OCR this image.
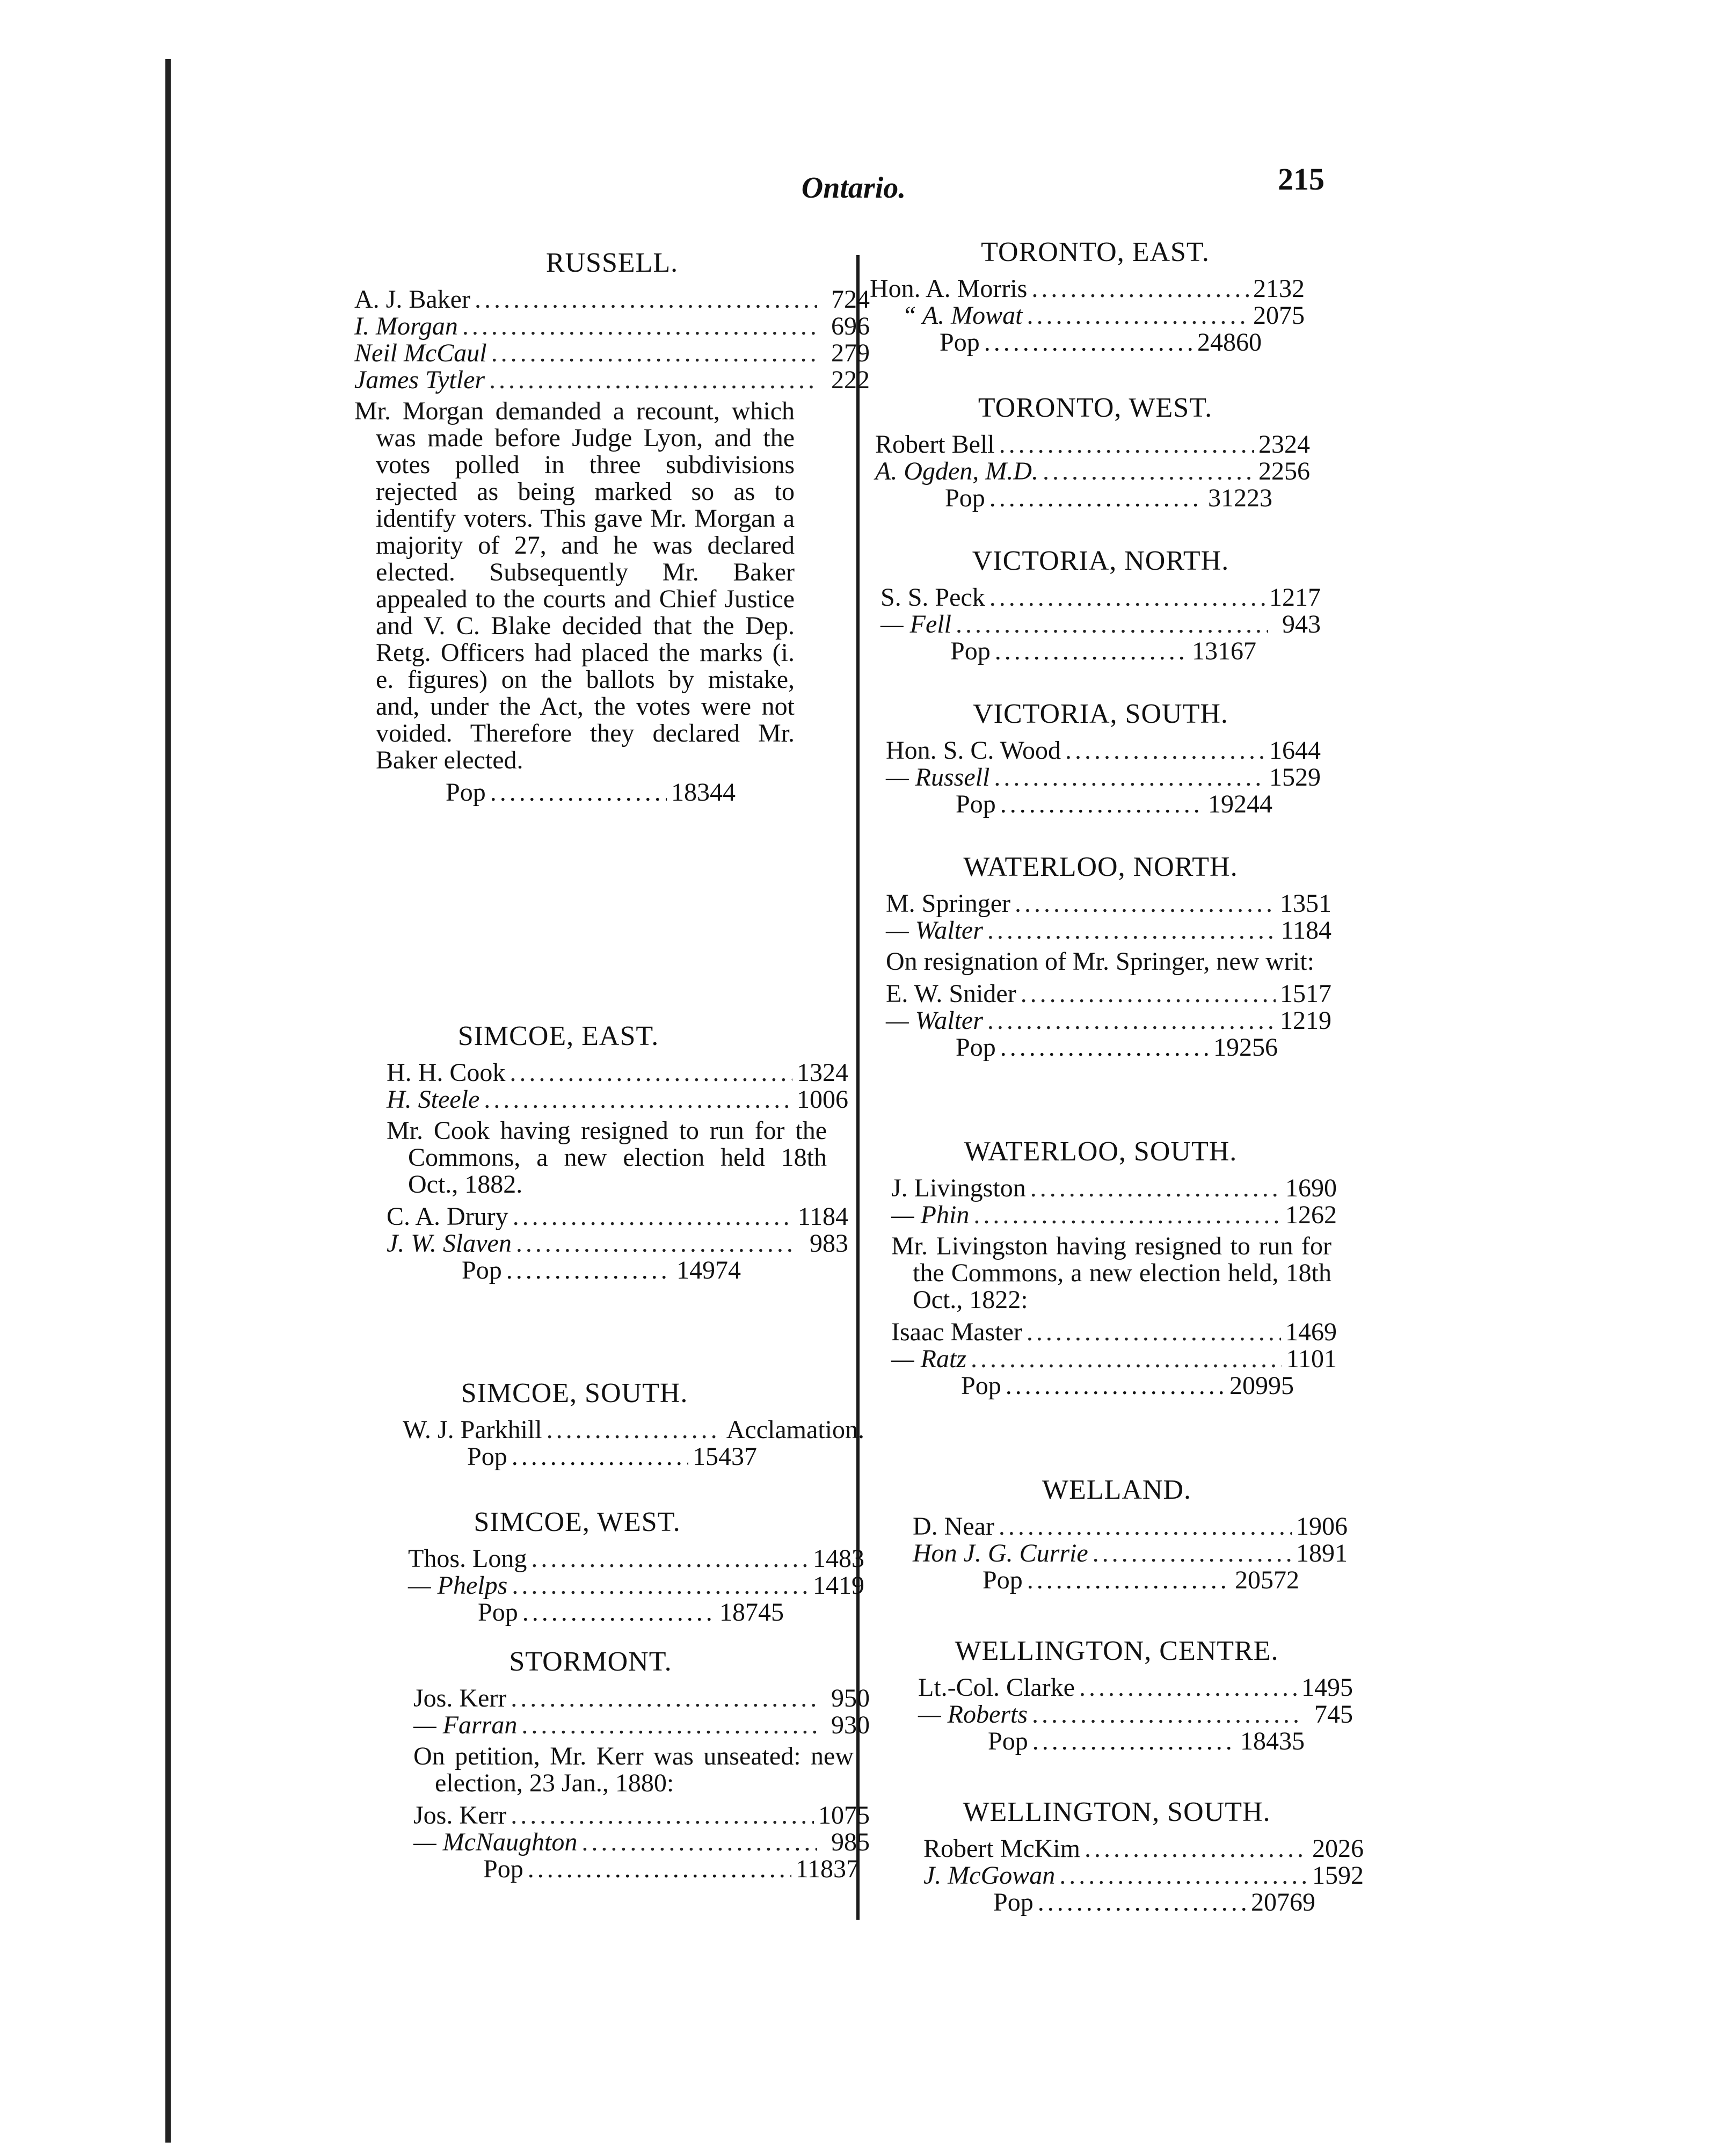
Ontario.	215
RUSSELL.
A. J. Baker .....	724
I. Morgan .....	696
Neil McCaul .....	279
James Tytler .....	222
Mr. Morgan demanded a recount, which was made before Judge Lyon, and the votes polled in three subdivisions rejected as being marked so as to identify voters. This gave Mr. Morgan a majority of 27, and he was declared elected. Subsequently Mr. Baker appealed to the courts and Chief Justice and V. C. Blake decided that the Dep. Retg. Officers had placed the marks (i. e. figures) on the ballots by mistake, and, under the Act, the votes were not voided. Therefore they declared Mr. Baker elected.
Pop .....	18344
SIMCOE, EAST.
H. H. Cook .....	1324
H. Steele .....	1006
Mr. Cook having resigned to run for the Commons, a new election held 18th Oct., 1882.
C. A. Drury .....	1184
J. W. Slaven .....	983
Pop .....	14974
SIMCOE, SOUTH.
W. J. Parkhill .....	Acclamation.
Pop .....	15437
SIMCOE, WEST.
Thos. Long .....	1483
— Phelps .....	1419
Pop .....	18745
STORMONT.
Jos. Kerr .....	950
— Farran .....	930
On petition, Mr. Kerr was unseated: new election, 23 Jan., 1880:
Jos. Kerr .....	1075
— McNaughton .....	985
Pop .....	11837
TORONTO, EAST.
Hon. A. Morris .....	2132
“ A. Mowat .....	2075
Pop .....	24860
TORONTO, WEST.
Robert Bell .....	2324
A. Ogden, M.D. .....	2256
Pop .....	31223
VICTORIA, NORTH.
S. S. Peck .....	1217
— Fell .....	943
Pop .....	13167
VICTORIA, SOUTH.
Hon. S. C. Wood .....	1644
— Russell .....	1529
Pop .....	19244
WATERLOO, NORTH.
M. Springer .....	1351
— Walter .....	1184
On resignation of Mr. Springer, new writ:
E. W. Snider .....	1517
— Walter .....	1219
Pop .....	19256
WATERLOO, SOUTH.
J. Livingston .....	1690
— Phin .....	1262
Mr. Livingston having resigned to run for the Commons, a new election held, 18th Oct., 1822:
Isaac Master .....	1469
— Ratz .....	1101
Pop .....	20995
WELLAND.
D. Near .....	1906
Hon J. G. Currie .....	1891
Pop .....	20572
WELLINGTON, CENTRE.
Lt.-Col. Clarke .....	1495
— Roberts .....	745
Pop .....	18435
WELLINGTON, SOUTH.
Robert McKim .....	2026
J. McGowan .....	1592
Pop .....	20769
